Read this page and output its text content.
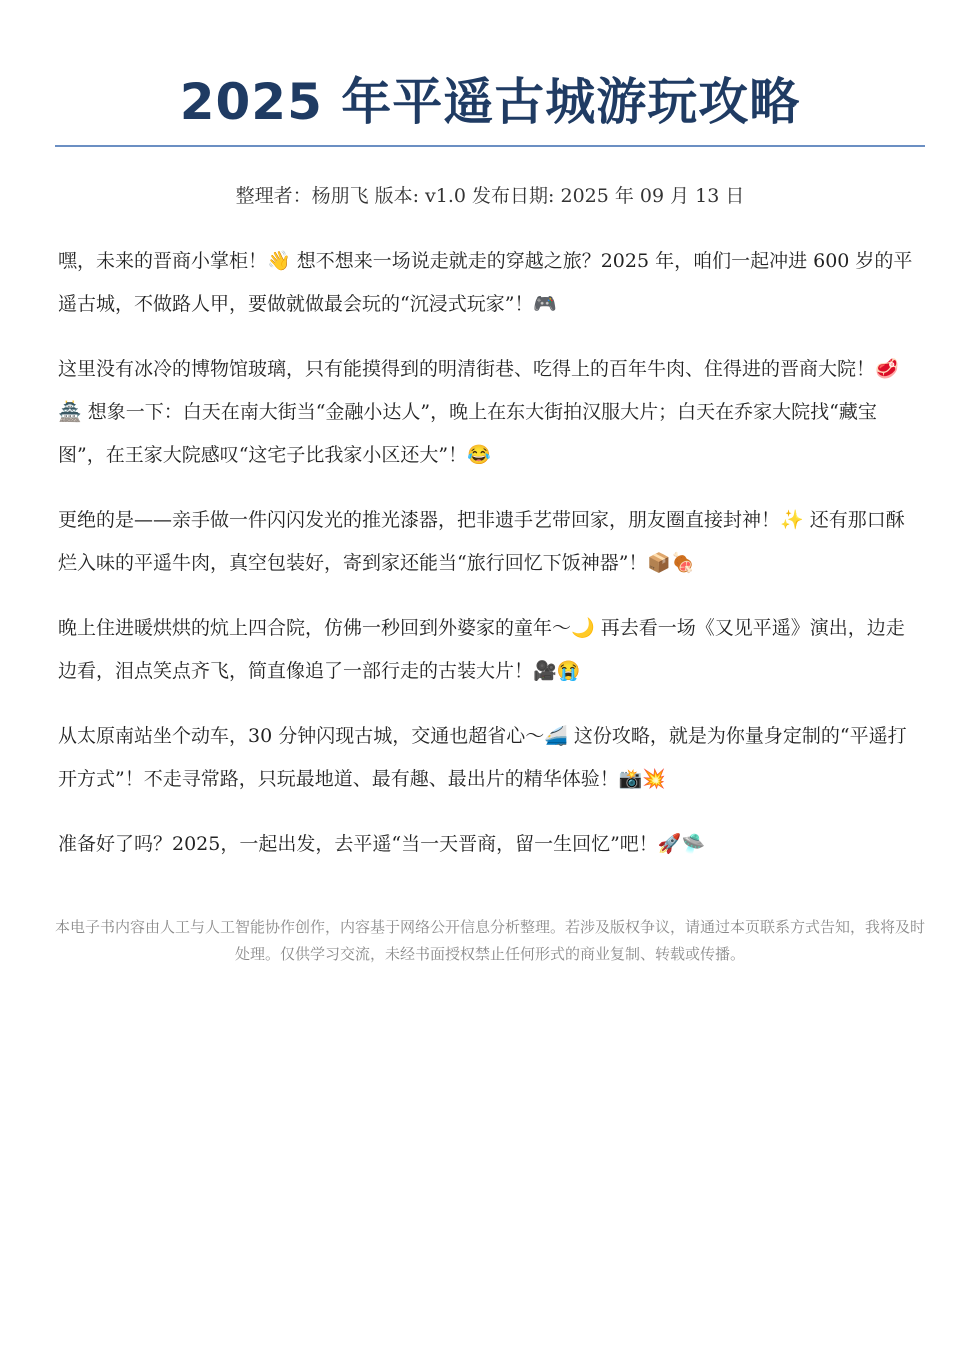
2025 年平遥古城游玩攻略
整理者：杨朋飞 版本: v1.0 发布日期: 2025 年 09 月 13 日

嘿，未来的晋商小掌柜！👋 想不想来一场说走就走的穿越之旅？2025 年，咱们一起冲进 600 岁的平遥古城，不做路人甲，要做就做最会玩的“沉浸式玩家”！🎮

这里没有冰冷的博物馆玻璃，只有能摸得到的明清街巷、吃得上的百年牛肉、住得进的晋商大院！🥩🏯 想象一下：白天在南大街当“金融小达人”，晚上在东大街拍汉服大片；白天在乔家大院找“藏宝图”，在王家大院感叹“这宅子比我家小区还大”！😂

更绝的是——亲手做一件闪闪发光的推光漆器，把非遗手艺带回家，朋友圈直接封神！✨ 还有那口酥烂入味的平遥牛肉，真空包装好，寄到家还能当“旅行回忆下饭神器”！📦🍖

晚上住进暖烘烘的炕上四合院，仿佛一秒回到外婆家的童年～🌙 再去看一场《又见平遥》演出，边走边看，泪点笑点齐飞，简直像追了一部行走的古装大片！🎥😭

从太原南站坐个动车，30 分钟闪现古城，交通也超省心～🚄 这份攻略，就是为你量身定制的“平遥打开方式”！不走寻常路，只玩最地道、最有趣、最出片的精华体验！📸💥

准备好了吗？2025，一起出发，去平遥“当一天晋商，留一生回忆”吧！🚀🛸

本电子书内容由人工与人工智能协作创作，内容基于网络公开信息分析整理。若涉及版权争议，请通过本页联系方式告知，我将及时处理。仅供学习交流，未经书面授权禁止任何形式的商业复制、转载或传播。
